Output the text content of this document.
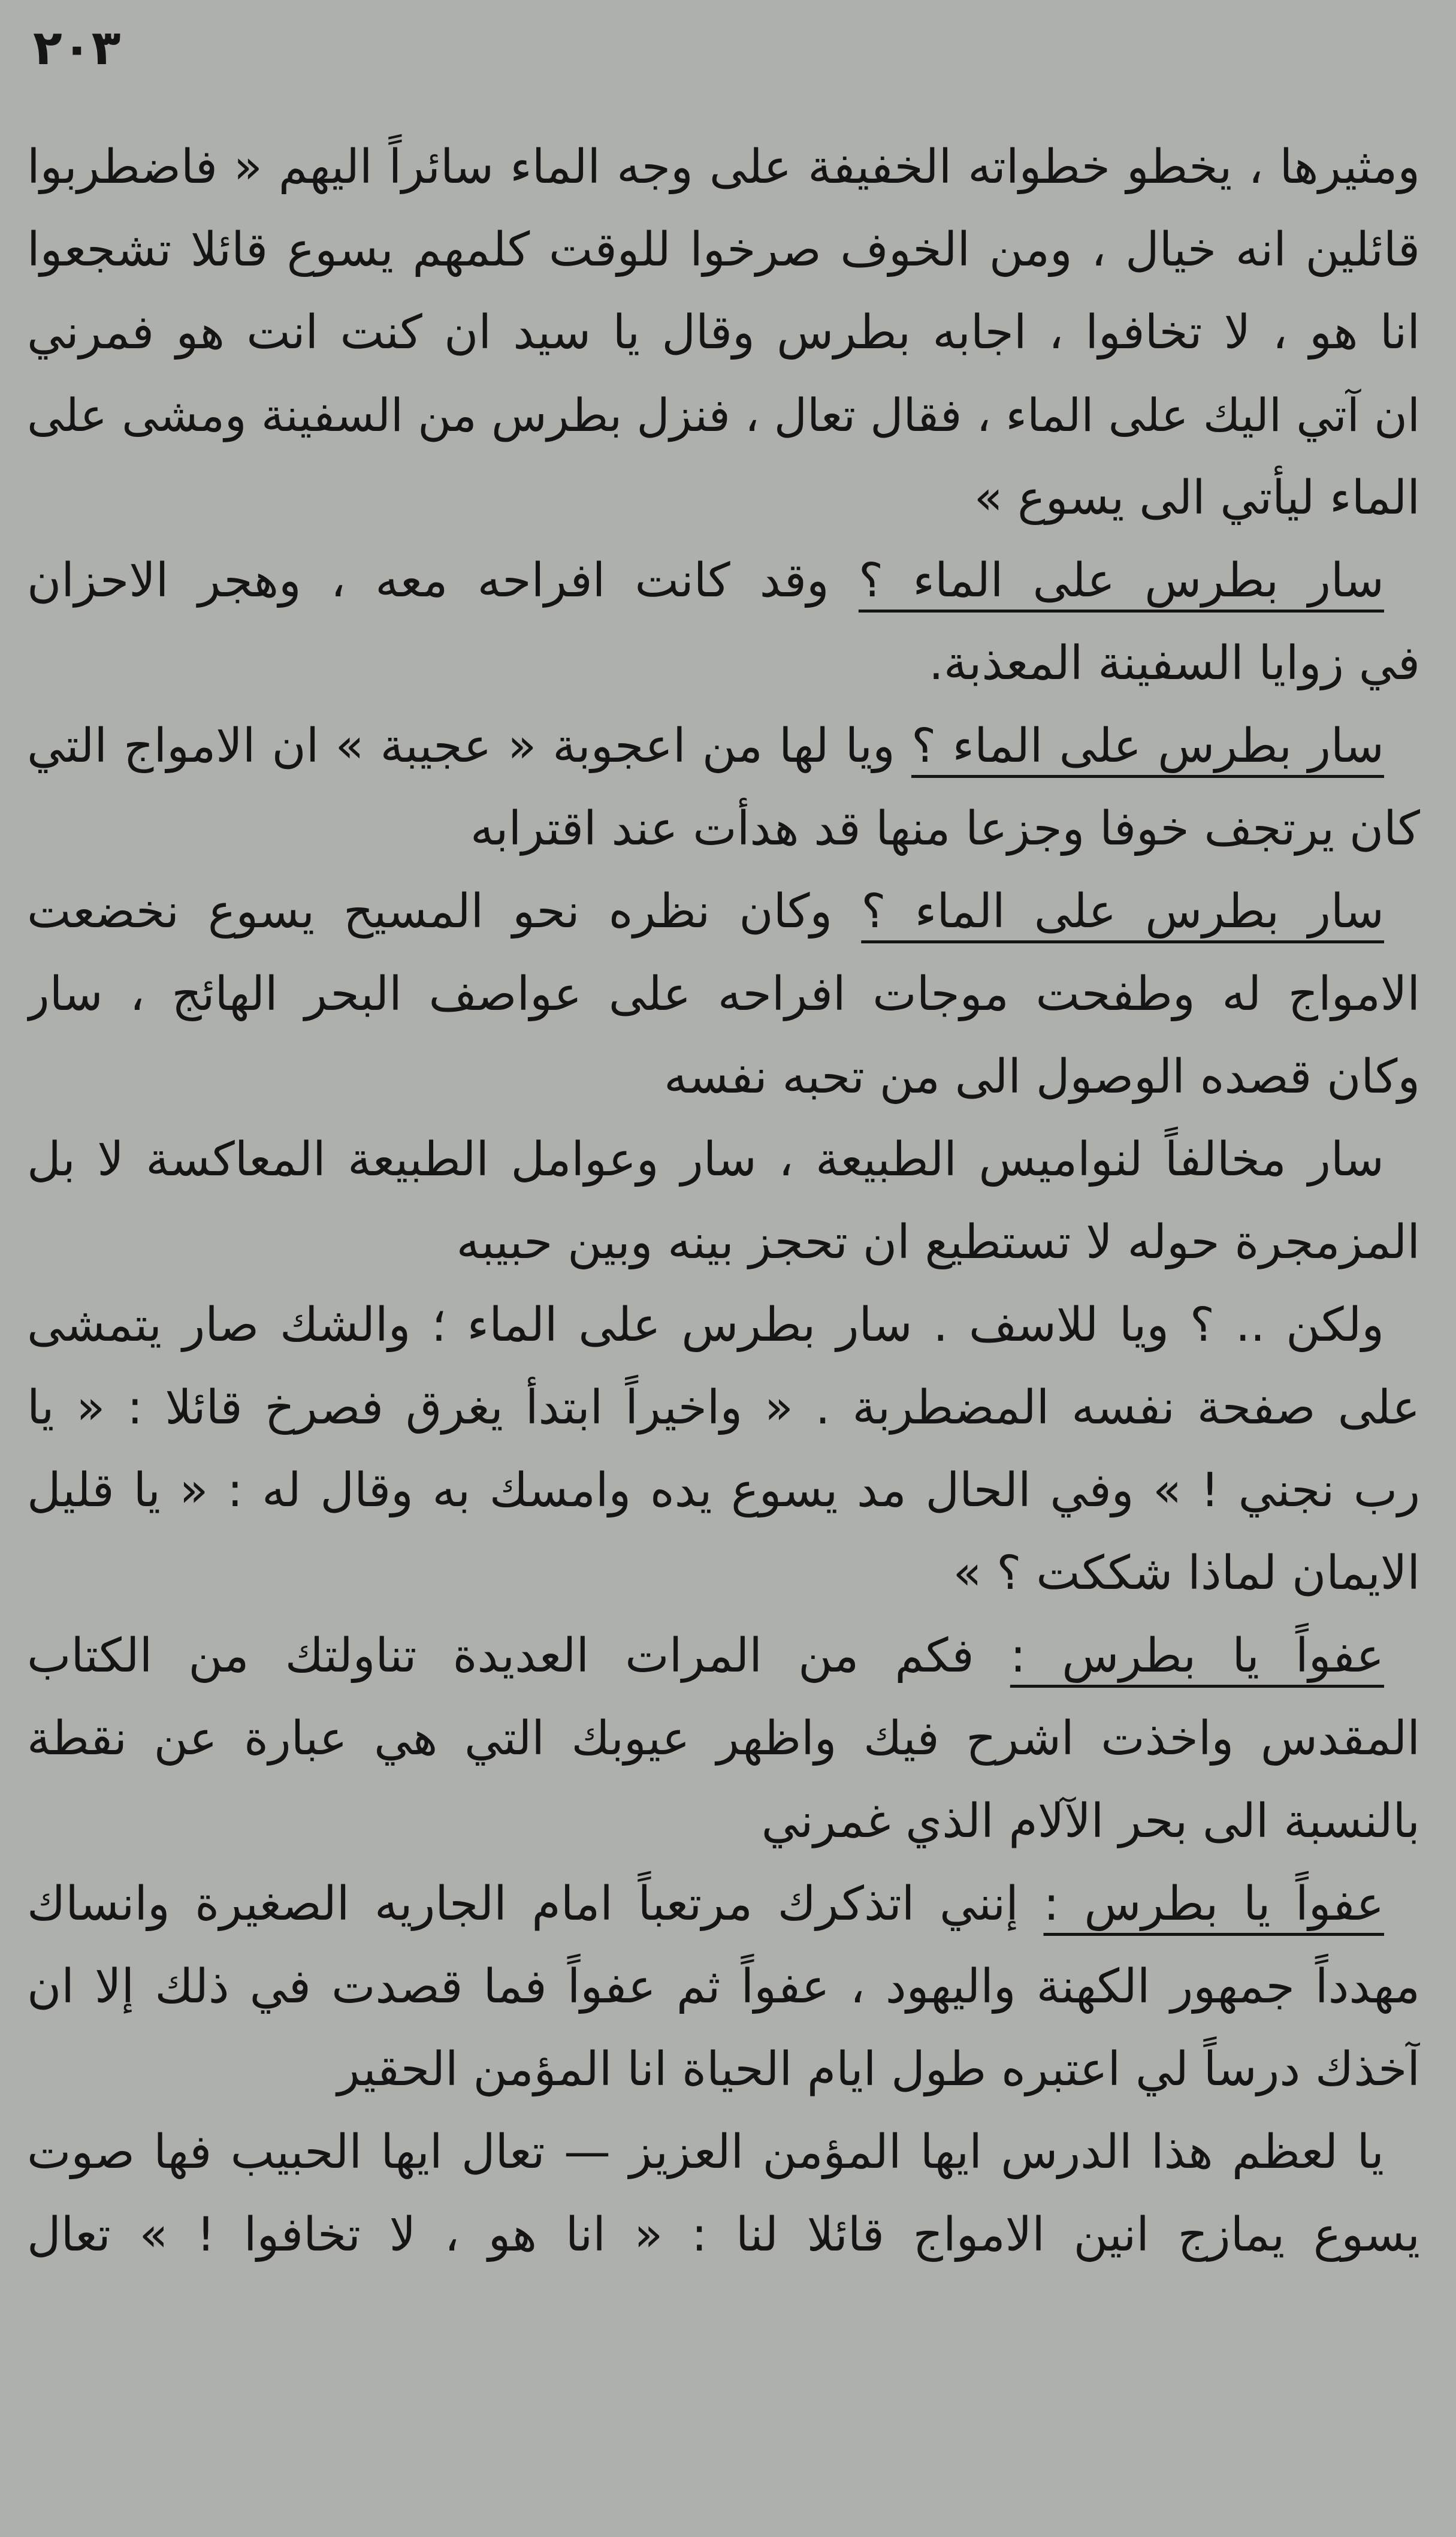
٢٠٣
ومثيرها ، يخطو خطواته الخفيفة على وجه الماء سائراً اليهم « فاضطربوا
قائلين انه خيال ، ومن الخوف صرخوا للوقت كلمهم يسوع قائلا تشجعوا
انا هو ، لا تخافوا ، اجابه بطرس وقال يا سيد ان كنت انت هو فمرني
ان آتي اليك على الماء ، فقال تعال ، فنزل بطرس من السفينة ومشى على
الماء ليأتي الى يسوع »
سار بطرس على الماء ؟ وقد كانت افراحه معه ، وهجر الاحزان
في زوايا السفينة المعذبة.
سار بطرس على الماء ؟ ويا لها من اعجوبة « عجيبة » ان الامواج التي
كان يرتجف خوفا وجزعا منها قد هدأت عند اقترابه
سار بطرس على الماء ؟ وكان نظره نحو المسيح يسوع نخضعت
الامواج له وطفحت موجات افراحه على عواصف البحر الهائج ، سار
وكان قصده الوصول الى من تحبه نفسه
سار مخالفاً لنواميس الطبيعة ، سار وعوامل الطبيعة المعاكسة لا بل
المزمجرة حوله لا تستطيع ان تحجز بينه وبين حبيبه
ولكن .. ؟ ويا للاسف . سار بطرس على الماء ؛ والشك صار يتمشى
على صفحة نفسه المضطربة . « واخيراً ابتدأ يغرق فصرخ قائلا : « يا
رب نجني ! » وفي الحال مد يسوع يده وامسك به وقال له : « يا قليل
الايمان لماذا شككت ؟ »
عفواً يا بطرس : فكم من المرات العديدة تناولتك من الكتاب
المقدس واخذت اشرح فيك واظهر عيوبك التي هي عبارة عن نقطة
بالنسبة الى بحر الآلام الذي غمرني
عفواً يا بطرس : إنني اتذكرك مرتعباً امام الجاريه الصغيرة وانساك
مهدداً جمهور الكهنة واليهود ، عفواً ثم عفواً فما قصدت في ذلك إلا ان
آخذك درساً لي اعتبره طول ايام الحياة انا المؤمن الحقير
يا لعظم هذا الدرس ايها المؤمن العزيز — تعال ايها الحبيب فها صوت
يسوع يمازج انين الامواج قائلا لنا : « انا هو ، لا تخافوا ! » تعال
